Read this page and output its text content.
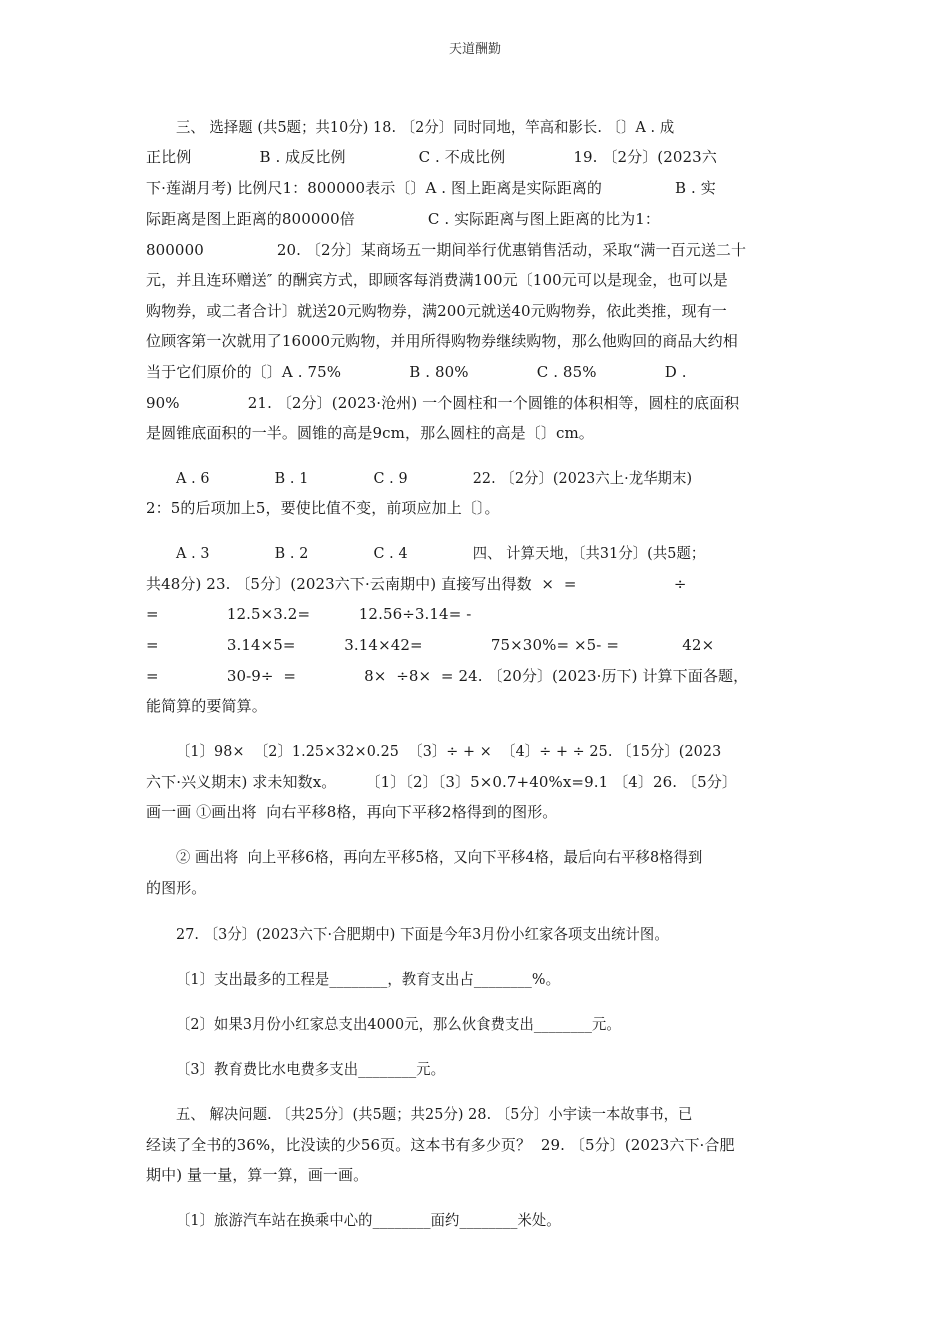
天道酬勤
三、 选择题 (共5题；共10分) 18. 〔2分〕同时同地，竿高和影长. 〔〕A . 成
正比例              B . 成反比例               C . 不成比例              19. 〔2分〕(2023六
下·莲湖月考) 比例尺1：800000表示〔〕A . 图上距离是实际距离的               B . 实
际距离是图上距离的800000倍               C . 实际距离与图上距离的比为1：
800000               20. 〔2分〕某商场五一期间举行优惠销售活动，采取“满一百元送二十
元，并且连环赠送″ 的酬宾方式，即顾客每消费满100元〔100元可以是现金，也可以是
购物券，或二者合计〕就送20元购物券，满200元就送40元购物券，依此类推，现有一
位顾客第一次就用了16000元购物，并用所得购物券继续购物，那么他购回的商品大约相
当于它们原价的〔〕A . 75%              B . 80%              C . 85%              D .
90%              21. 〔2分〕(2023·沧州) 一个圆柱和一个圆锥的体积相等，圆柱的底面积
是圆锥底面积的一半。圆锥的高是9cm，那么圆柱的高是〔〕cm。
A . 6              B . 1              C . 9              22. 〔2分〕(2023六上·龙华期末)
2：5的后项加上5，要使比值不变，前项应加上〔〕。
A . 3              B . 2              C . 4              四、 计算天地，〔共31分〕(共5题；
共48分) 23. 〔5分〕(2023六下·云南期中) 直接写出得数  ×  =                    ÷
=              12.5×3.2=          12.56÷3.14= -
=              3.14×5=          3.14×42=              75×30%= ×5- =             42×
=              30-9÷  =              8×  ÷8×  = 24. 〔20分〕(2023·历下) 计算下面各题，
能简算的要简算。
〔1〕98×  〔2〕1.25×32×0.25  〔3〕÷ + ×  〔4〕÷ + ÷ 25. 〔15分〕(2023
六下·兴义期末) 求未知数x。      〔1〕〔2〕〔3〕5×0.7+40%x=9.1 〔4〕26. 〔5分〕
画一画 ①画出将  向右平移8格，再向下平移2格得到的图形。
② 画出将  向上平移6格，再向左平移5格，又向下平移4格，最后向右平移8格得到
的图形。
27. 〔3分〕(2023六下·合肥期中) 下面是今年3月份小红家各项支出统计图。
〔1〕支出最多的工程是________，教育支出占________%。
〔2〕如果3月份小红家总支出4000元，那么伙食费支出________元。
〔3〕教育费比水电费多支出________元。
五、 解决问题. 〔共25分〕(共5题；共25分) 28. 〔5分〕小宇读一本故事书，已
经读了全书的36%，比没读的少56页。这本书有多少页？  29. 〔5分〕(2023六下·合肥
期中) 量一量，算一算，画一画。
〔1〕旅游汽车站在换乘中心的________面约________米处。
